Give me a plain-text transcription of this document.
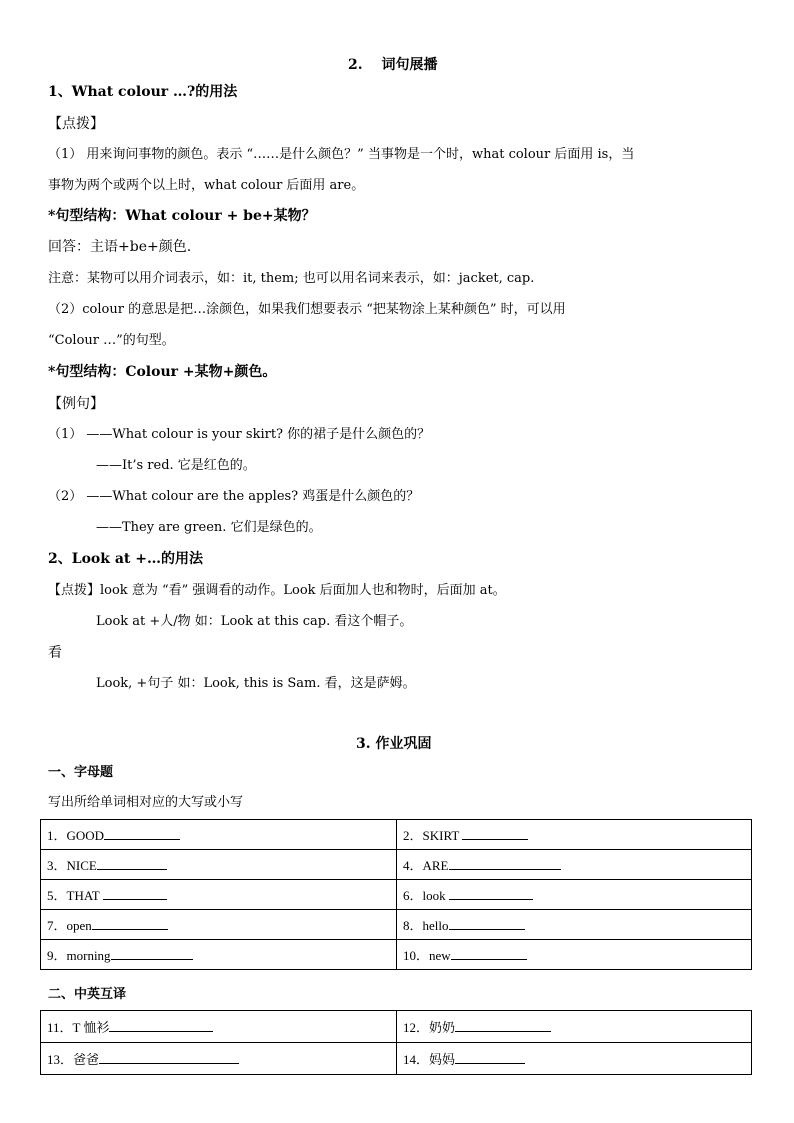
2.　 词句展播
1、What colour …?的用法
【点拨】
（1） 用来询问事物的颜色。表示 “……是什么颜色？” 当事物是一个时，what colour 后面用 is，当
事物为两个或两个以上时，what colour 后面用 are。
*句型结构：What colour + be+某物？
回答：主语+be+颜色.
注意：某物可以用介词表示，如：it, them; 也可以用名词来表示，如：jacket, cap.
（2）colour 的意思是把…涂颜色，如果我们想要表示 “把某物涂上某种颜色” 时，可以用
“Colour …”的句型。
*句型结构：Colour +某物+颜色。
【例句】
（1） ——What colour is your skirt? 你的裙子是什么颜色的？
——It’s red. 它是红色的。
（2） ——What colour are the apples? 鸡蛋是什么颜色的？
——They are green. 它们是绿色的。
2、Look at +…的用法
【点拨】look 意为 “看” 强调看的动作。Look 后面加人也和物时，后面加 at。
Look at +人/物 如：Look at this cap. 看这个帽子。
看
Look, +句子 如：Look, this is Sam. 看，这是萨姆。
3. 作业巩固
一、字母题
写出所给单词相对应的大写或小写
1．GOOD	2．SKIRT
3．NICE	4．ARE
5．THAT	6．look
7．open	8．hello
9．morning	10．new
二、中英互译
11．T 恤衫	12．奶奶
13．爸爸	14．妈妈
